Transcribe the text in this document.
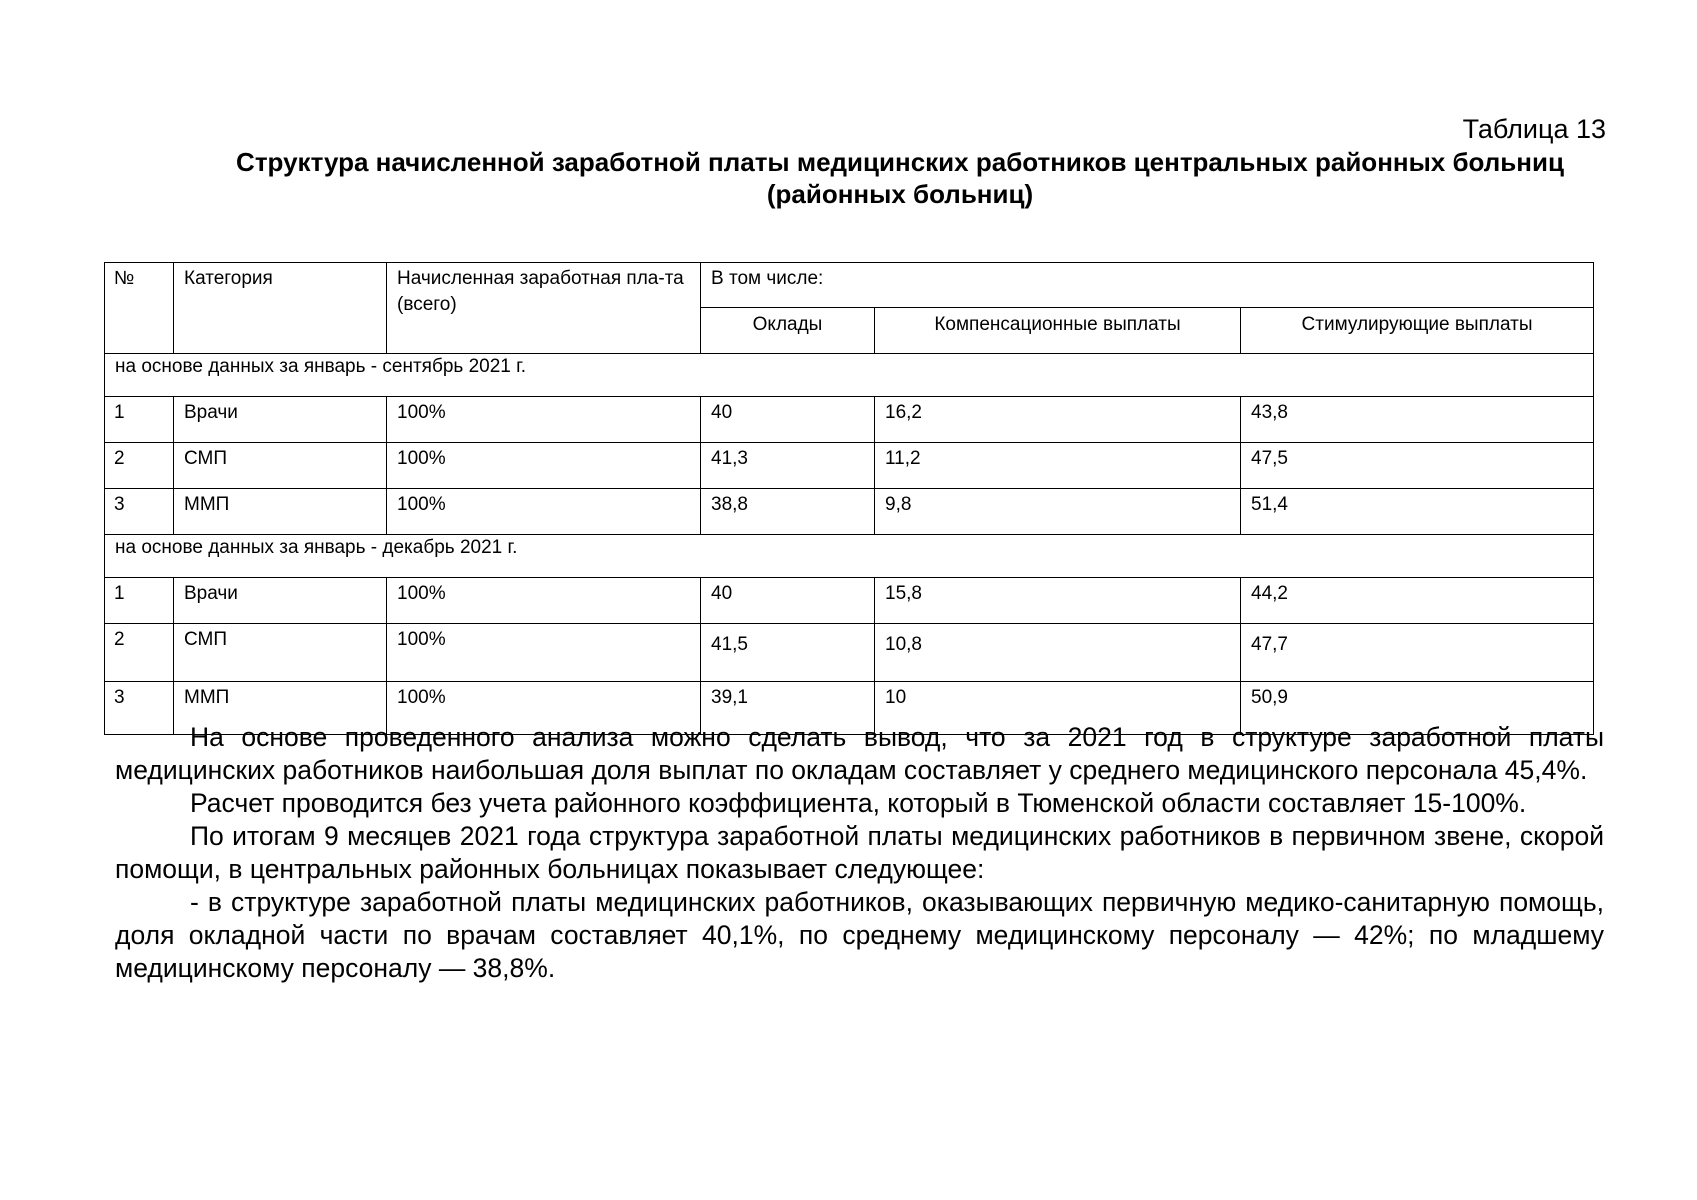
Таблица 13
Структура начисленной заработной платы медицинских работников центральных районных больниц (районных больниц)
№	Категория	Начисленная заработная пла-та (всего)	В том числе:		
			Оклады	Компенсационные выплаты	Стимулирующие выплаты
на основе данных за январь - сентябрь 2021 г.					
1	Врачи	100%	40	16,2	43,8
2	СМП	100%	41,3	11,2	47,5
3	ММП	100%	38,8	9,8	51,4
на основе данных за январь - декабрь 2021 г.					
1	Врачи	100%	40	15,8	44,2
2	СМП	100%	41,5	10,8	47,7
3	ММП	100%	39,1	10	50,9

На основе проведенного анализа можно сделать вывод, что за 2021 год в структуре заработной платы медицинских работников наибольшая доля выплат по окладам составляет у среднего медицинского персонала 45,4%.

Расчет проводится без учета районного коэффициента, который в Тюменской области составляет 15-100%.

По итогам 9 месяцев 2021 года структура заработной платы медицинских работников в первичном звене, скорой помощи, в центральных районных больницах показывает следующее:

- в структуре заработной платы медицинских работников, оказывающих первичную медико-санитарную помощь, доля окладной части по врачам составляет 40,1%, по среднему медицинскому персоналу — 42%; по младшему медицинскому персоналу — 38,8%.
